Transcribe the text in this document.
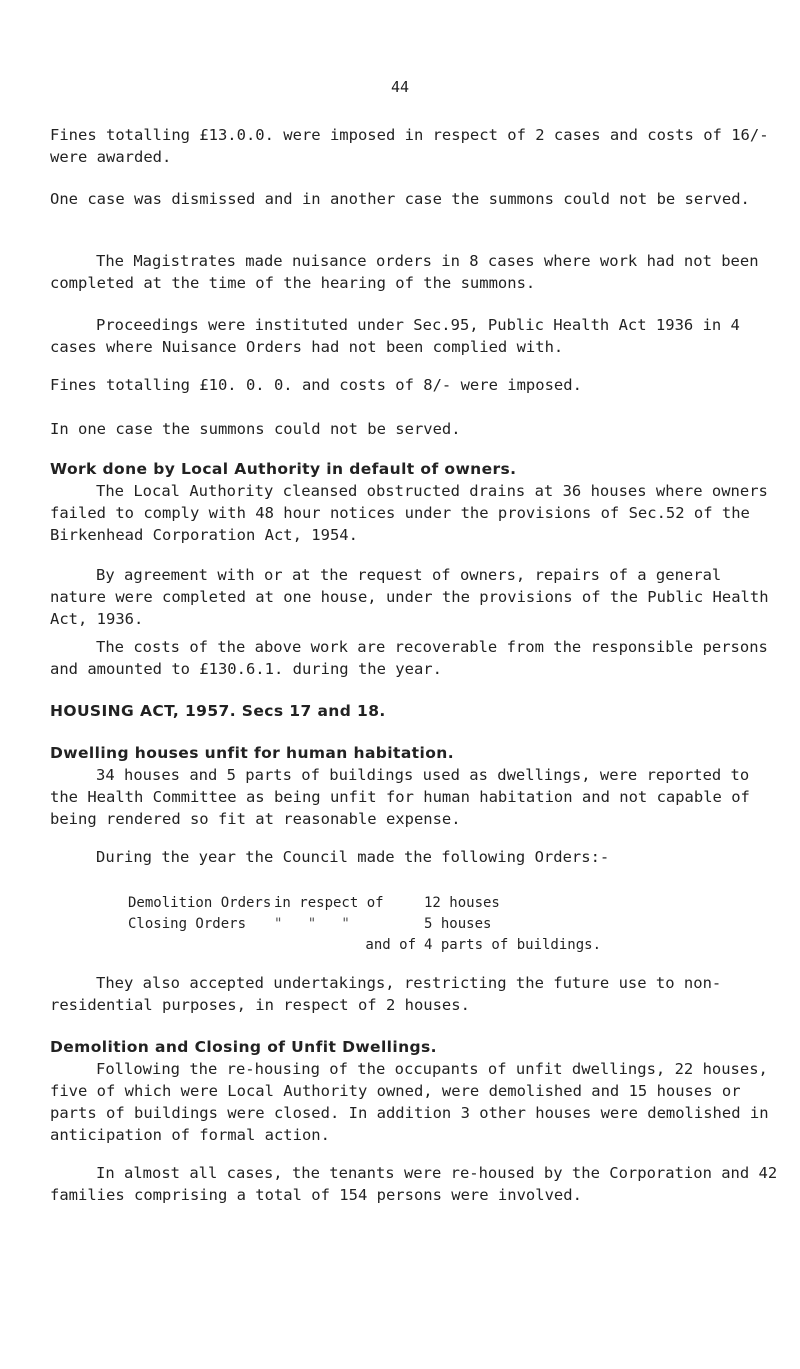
44

Fines totalling £13.0.0. were imposed in respect of 2 cases and costs of 16/- were awarded.

One case was dismissed and in another case the summons could not be served.

The Magistrates made nuisance orders in 8 cases where work had not been completed at the time of the hearing of the summons.

Proceedings were instituted under Sec.95, Public Health Act 1936 in 4 cases where Nuisance Orders had not been complied with.

Fines totalling £10. 0. 0. and costs of 8/- were imposed.

In one case the summons could not be served.

Work done by Local Authority in default of owners.

The Local Authority cleansed obstructed drains at 36 houses where owners failed to comply with 48 hour notices under the provisions of Sec.52 of the Birkenhead Corporation Act, 1954.

By agreement with or at the request of owners, repairs of a general nature were completed at one house, under the provisions of the Public Health Act, 1936.

The costs of the above work are recoverable from the responsible persons and amounted to £130.6.1. during the year.

HOUSING ACT, 1957. Secs 17 and 18.

Dwelling houses unfit for human habitation.

34 houses and 5 parts of buildings used as dwellings, were reported to the Health Committee as being unfit for human habitation and not capable of being rendered so fit at reasonable expense.

During the year the Council made the following Orders:-

Demolition Orders in respect of	12 houses
Closing Orders	"   "   "	5 houses
and of 4 parts of buildings.

They also accepted undertakings, restricting the future use to non-residential purposes, in respect of 2 houses.

Demolition and Closing of Unfit Dwellings.

Following the re-housing of the occupants of unfit dwellings, 22 houses, five of which were Local Authority owned, were demolished and 15 houses or parts of buildings were closed. In addition 3 other houses were demolished in anticipation of formal action.

In almost all cases, the tenants were re-housed by the Corporation and 42 families comprising a total of 154 persons were involved.
